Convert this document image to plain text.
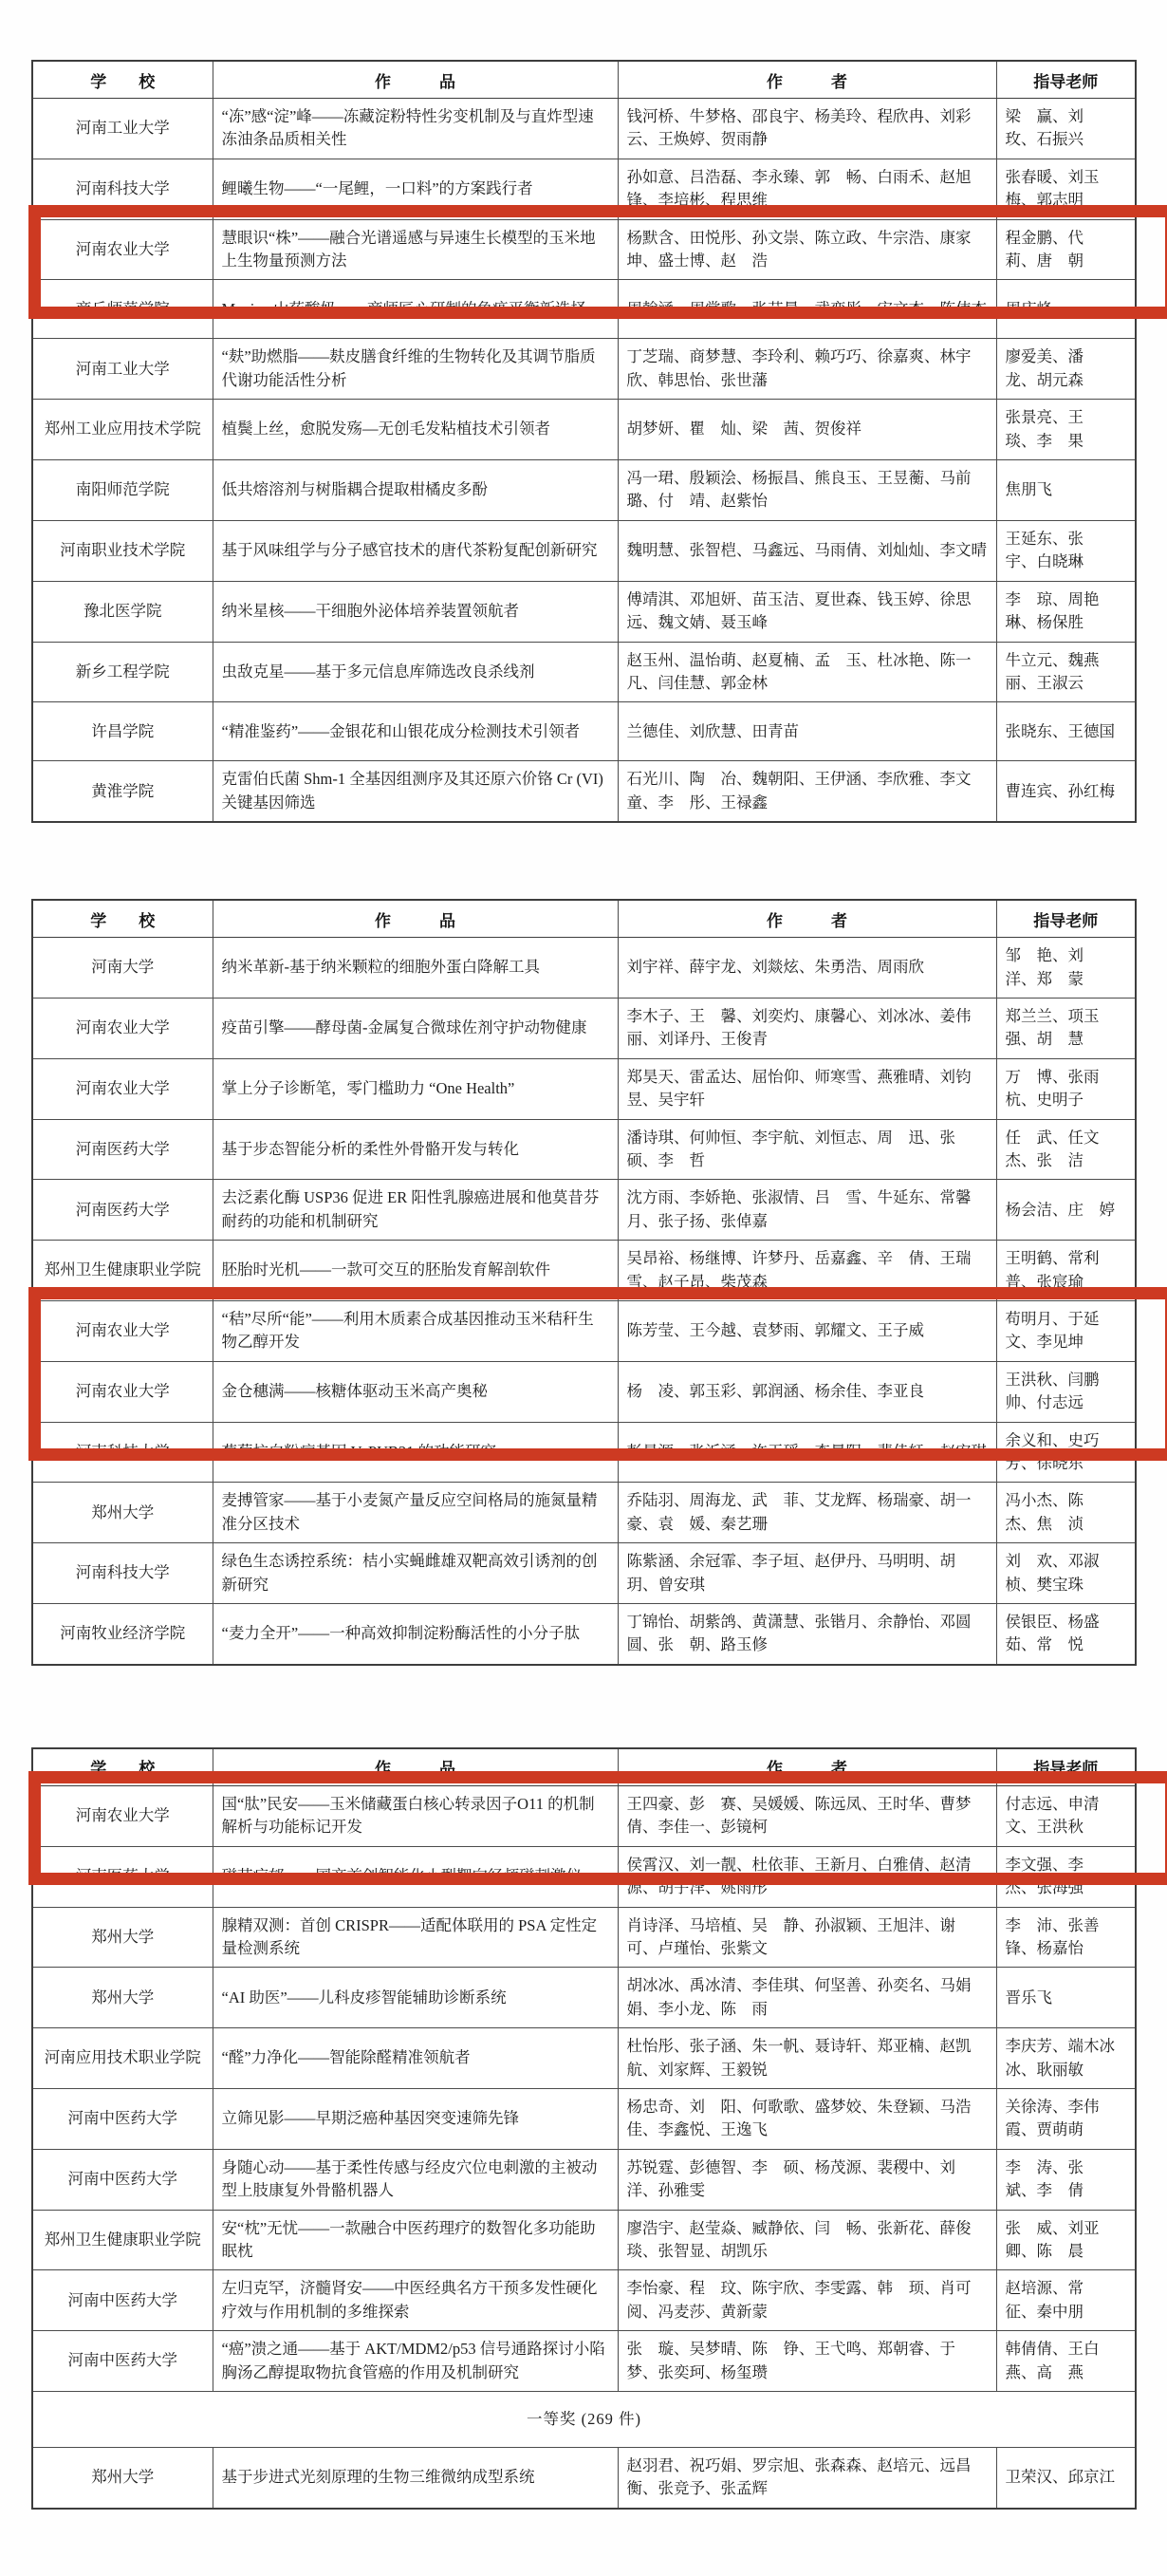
学　　校	作　　　品	作　　　者	指导老师
河南工业大学	“冻”感“淀”峰——冻藏淀粉特性劣变机制及与直炸型速冻油条品质相关性	钱河桥、牛梦格、邵良宇、杨美玲、程欣冉、刘彩云、王焕婷、贺雨静	梁　赢、刘　玫、石振兴
河南科技大学	鲤曦生物——“一尾鲤，一口料”的方案践行者	孙如意、吕浩磊、李永臻、郭　畅、白雨禾、赵旭锋、李培彬、程思维	张春暖、刘玉梅、郭志明
河南农业大学	慧眼识“株”——融合光谱遥感与异速生长模型的玉米地上生物量预测方法	杨默含、田悦彤、孙文崇、陈立政、牛宗浩、康家坤、盛士博、赵　浩	程金鹏、代　莉、唐　朝
商丘师范学院	Mavina 山药酸奶——商师匠心研制的免疫平衡新选择	周翰涵、周常歌、张艾晨、武奕彤、宋文杰、陈伟杰	周庆峰
河南工业大学	“麸”助燃脂——麸皮膳食纤维的生物转化及其调节脂质代谢功能活性分析	丁芝瑞、商梦慧、李玲利、赖巧巧、徐嘉爽、林宇欣、韩思怡、张世藩	廖爱美、潘　龙、胡元森
郑州工业应用技术学院	植鬓上丝，愈脱发殇—无创毛发粘植技术引领者	胡梦妍、瞿　灿、梁　茜、贺俊祥	张景亮、王　琰、李　果
南阳师范学院	低共熔溶剂与树脂耦合提取柑橘皮多酚	冯一珺、殷颖浍、杨振昌、熊良玉、王昱蘅、马前璐、付　靖、赵紫怡	焦朋飞
河南职业技术学院	基于风味组学与分子感官技术的唐代茶粉复配创新研究	魏明慧、张智桤、马鑫远、马雨倩、刘灿灿、李文晴	王延东、张　宇、白晓琳
豫北医学院	纳米星核——干细胞外泌体培养装置领航者	傅靖淇、邓旭妍、苗玉洁、夏世森、钱玉婷、徐思远、魏文婧、聂玉峰	李　琼、周艳琳、杨保胜
新乡工程学院	虫敌克星——基于多元信息库筛选改良杀线剂	赵玉州、温怡萌、赵夏楠、孟　玉、杜冰艳、陈一凡、闫佳慧、郭金林	牛立元、魏燕丽、王淑云
许昌学院	“精准鉴药”——金银花和山银花成分检测技术引领者	兰德佳、刘欣慧、田青苗	张晓东、王德国
黄淮学院	克雷伯氏菌 Shm-1 全基因组测序及其还原六价铬 Cr (VI) 关键基因筛选	石光川、陶　冶、魏朝阳、王伊涵、李欣雅、李文童、李　彤、王禄鑫	曹连宾、孙红梅
学　　校	作　　　品	作　　　者	指导老师
河南大学	纳米革新-基于纳米颗粒的细胞外蛋白降解工具	刘宇祥、薛宇龙、刘燚炫、朱勇浩、周雨欣	邹　艳、刘　洋、郑　蒙
河南农业大学	疫苗引擎——酵母菌-金属复合微球佐剂守护动物健康	李木子、王　馨、刘奕灼、康馨心、刘冰冰、姜伟丽、刘译丹、王俊青	郑兰兰、项玉强、胡　慧
河南农业大学	掌上分子诊断笔，零门槛助力 “One Health”	郑昊天、雷孟达、屈怡仰、师寒雪、燕雅晴、刘钧昱、吴宇轩	万　博、张雨杭、史明子
河南医药大学	基于步态智能分析的柔性外骨骼开发与转化	潘诗琪、何帅恒、李宇航、刘恒志、周　迅、张　硕、李　哲	任　武、任文杰、张　洁
河南医药大学	去泛素化酶 USP36 促进 ER 阳性乳腺癌进展和他莫昔芬耐药的功能和机制研究	沈方雨、李娇艳、张淑情、吕　雪、牛延东、常馨月、张子扬、张倬嘉	杨会洁、庄　婷
郑州卫生健康职业学院	胚胎时光机——一款可交互的胚胎发育解剖软件	吴昂裕、杨继博、许梦丹、岳嘉鑫、辛　倩、王瑞雪、赵子昂、柴茂森	王明鹤、常利普、张宸瑜
河南农业大学	“秸”尽所“能”——利用木质素合成基因推动玉米秸秆生物乙醇开发	陈芳莹、王今越、袁梦雨、郭耀文、王子威	苟明月、于延文、李见坤
河南农业大学	金仓穗满——核糖体驱动玉米高产奥秘	杨　凌、郭玉彩、郭润涵、杨余佳、李亚良	王洪秋、闫鹏帅、付志远
河南科技大学	葡萄抗白粉病基因 VyPUB21 的功能研究	彭星源、张沂涵、许玉瑶、李晨阳、裴佳轩、赵安琪	余义和、史巧芳、徐晓东
郑州大学	麦搏管家——基于小麦氮产量反应空间格局的施氮量精准分区技术	乔陆羽、周海龙、武　菲、艾龙辉、杨瑞豪、胡一豪、袁　媛、秦艺珊	冯小杰、陈　杰、焦　浈
河南科技大学	绿色生态诱控系统：桔小实蝇雌雄双靶高效引诱剂的创新研究	陈紫涵、余冠霏、李子垣、赵伊丹、马明明、胡　玥、曾安琪	刘　欢、邓淑桢、樊宝珠
河南牧业经济学院	“麦力全开”——一种高效抑制淀粉酶活性的小分子肽	丁锦怡、胡紫鸽、黄潇慧、张锴月、余静怡、邓圆圆、张　朝、路玉修	侯银臣、杨盛茹、常　悦
学　　校	作　　　品	作　　　者	指导老师
河南农业大学	国“肽”民安——玉米储藏蛋白核心转录因子O11 的机制解析与功能标记开发	王四豪、彭　赛、吴媛媛、陈远凤、王时华、曹梦倩、李佳一、彭镜柯	付志远、申清文、王洪秋
河南医药大学	磁芯疗郁——国产首创智能化小型靶向经颅磁刺激仪	侯霄汉、刘一靓、杜依菲、王新月、白雅倩、赵清源、胡宇泽、姚雨彤	李文强、李　杰、张海强
郑州大学	腺精双测：首创 CRISPR——适配体联用的 PSA 定性定量检测系统	肖诗泽、马培植、吴　静、孙淑颖、王旭沣、谢　可、卢瑾怡、张紫文	李　沛、张善锋、杨嘉怡
郑州大学	“AI 助医”——儿科皮疹智能辅助诊断系统	胡冰冰、禹冰清、李佳琪、何坚善、孙奕名、马娟娟、李小龙、陈　雨	晋乐飞
河南应用技术职业学院	“醛”力净化——智能除醛精准领航者	杜怡彤、张子涵、朱一帆、聂诗轩、郑亚楠、赵凯航、刘家辉、王毅锐	李庆芳、端木冰冰、耿丽敏
河南中医药大学	立筛见影——早期泛癌种基因突变速筛先锋	杨忠奇、刘　阳、何歌歌、盛梦姣、朱登颖、马浩佳、李鑫悦、王逸飞	关徐涛、李伟霞、贾萌萌
河南中医药大学	身随心动——基于柔性传感与经皮穴位电刺激的主被动型上肢康复外骨骼机器人	苏锐霆、彭德智、李　硕、杨茂源、裴稷中、刘　洋、孙雅雯	李　涛、张　斌、李　倩
郑州卫生健康职业学院	安“枕”无忧——一款融合中医药理疗的数智化多功能助眠枕	廖浩宇、赵莹焱、臧静依、闫　畅、张新花、薛俊琰、张智显、胡凯乐	张　威、刘亚卿、陈　晨
河南中医药大学	左归克罕，济髓肾安——中医经典名方干预多发性硬化疗效与作用机制的多维探索	李怡豪、程　玟、陈宇欣、李雯露、韩　顼、肖可阅、冯麦莎、黄新蒙	赵培源、常　征、秦中朋
河南中医药大学	“癌”溃之通——基于 AKT/MDM2/p53 信号通路探讨小陷胸汤乙醇提取物抗食管癌的作用及机制研究	张　璇、吴梦晴、陈　铮、王弋鸣、郑朝睿、于　梦、张奕珂、杨玺瓒	韩倩倩、王白燕、高　燕
一等奖 (269 件)			
郑州大学	基于步进式光刻原理的生物三维微纳成型系统	赵羽君、祝巧娟、罗宗旭、张森森、赵培元、远昌衡、张竞予、张孟辉	卫荣汉、邱京江
